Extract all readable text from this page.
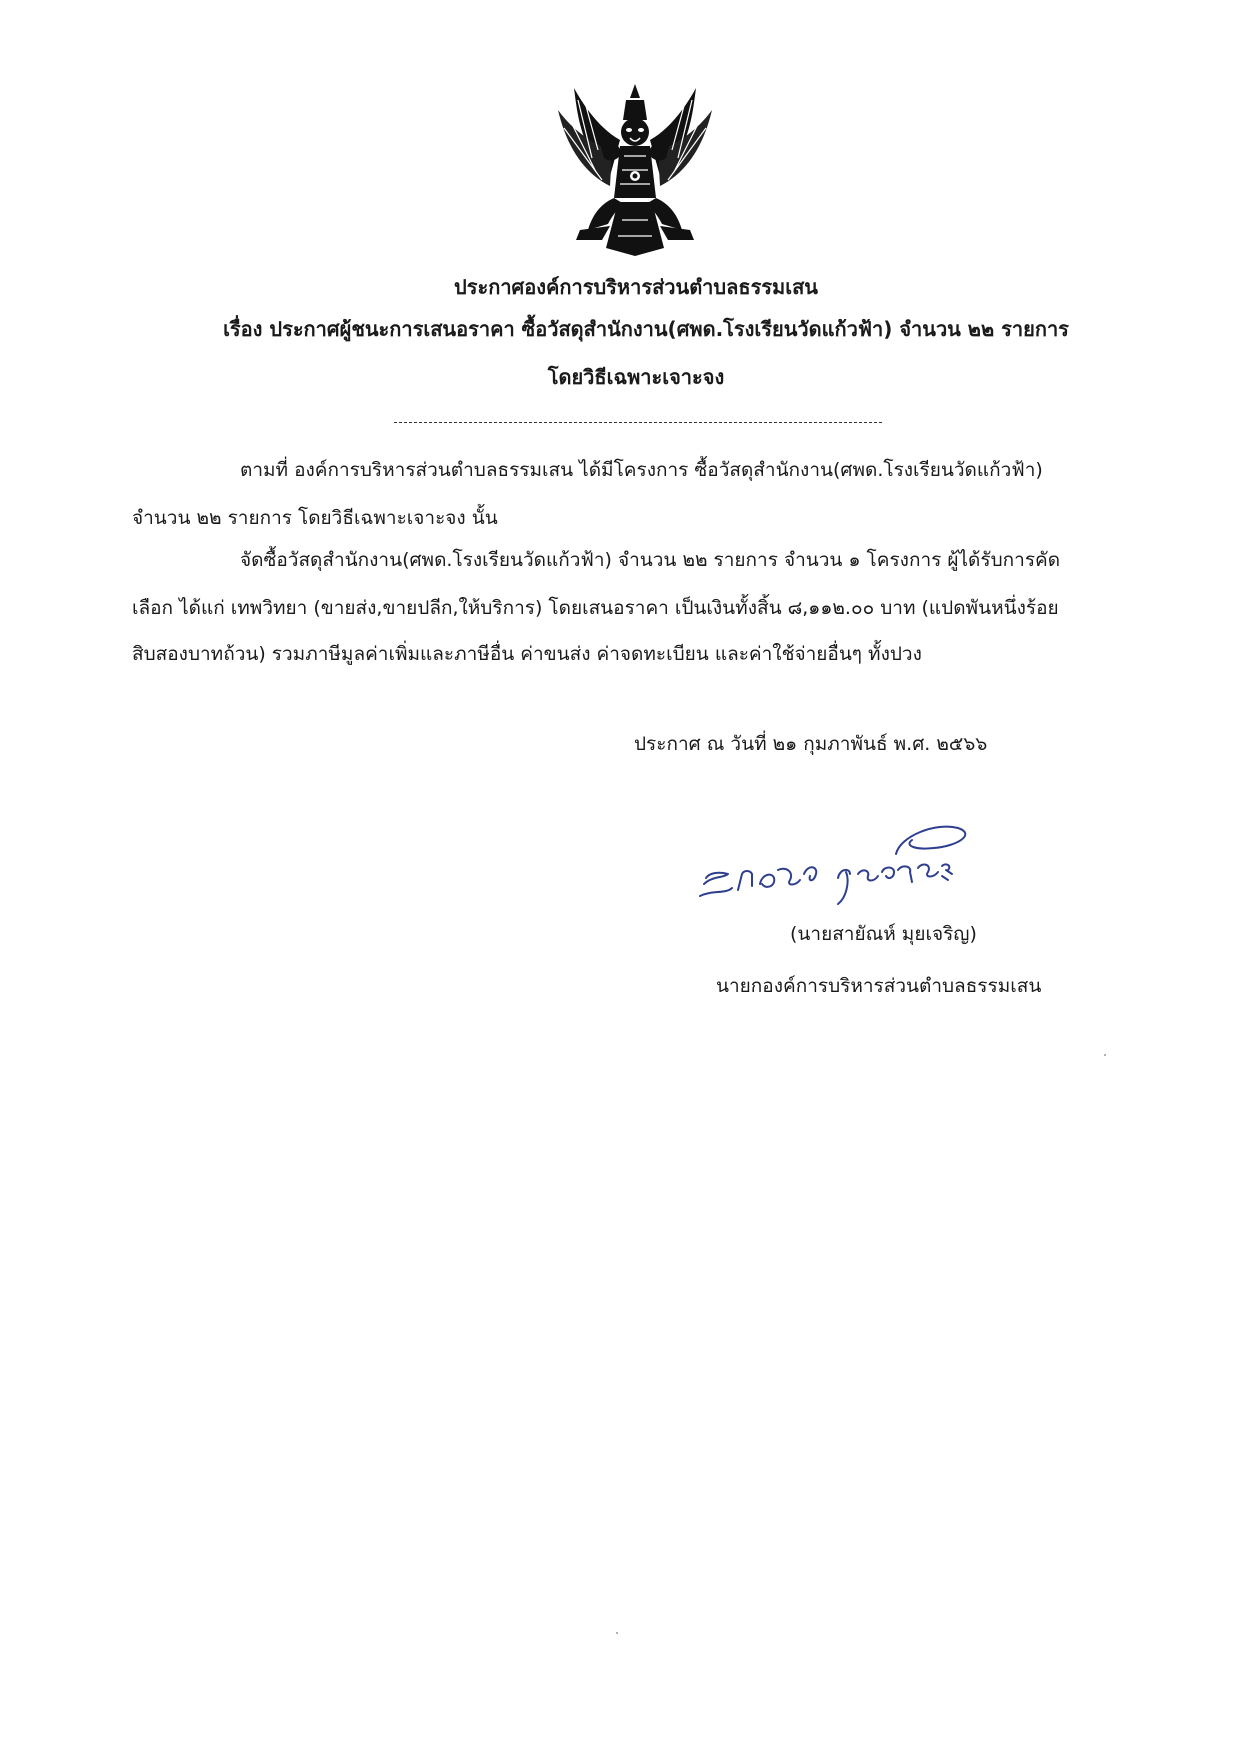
ประกาศองค์การบริหารส่วนตำบลธรรมเสน
เรื่อง ประกาศผู้ชนะการเสนอราคา ซื้อวัสดุสำนักงาน(ศพด.โรงเรียนวัดแก้วฟ้า) จำนวน ๒๒ รายการ
โดยวิธีเฉพาะเจาะจง
ตามที่ องค์การบริหารส่วนตำบลธรรมเสน ได้มีโครงการ ซื้อวัสดุสำนักงาน(ศพด.โรงเรียนวัดแก้วฟ้า)
จำนวน ๒๒ รายการ โดยวิธีเฉพาะเจาะจง นั้น
จัดซื้อวัสดุสำนักงาน(ศพด.โรงเรียนวัดแก้วฟ้า) จำนวน ๒๒ รายการ จำนวน ๑ โครงการ ผู้ได้รับการคัด
เลือก ได้แก่ เทพวิทยา (ขายส่ง,ขายปลีก,ให้บริการ) โดยเสนอราคา เป็นเงินทั้งสิ้น ๘,๑๑๒.๐๐ บาท (แปดพันหนึ่งร้อย
สิบสองบาทถ้วน) รวมภาษีมูลค่าเพิ่มและภาษีอื่น ค่าขนส่ง ค่าจดทะเบียน และค่าใช้จ่ายอื่นๆ ทั้งปวง
ประกาศ ณ วันที่ ๒๑ กุมภาพันธ์ พ.ศ. ๒๕๖๖
(นายสายัณห์ มุยเจริญ)
นายกองค์การบริหารส่วนตำบลธรรมเสน
